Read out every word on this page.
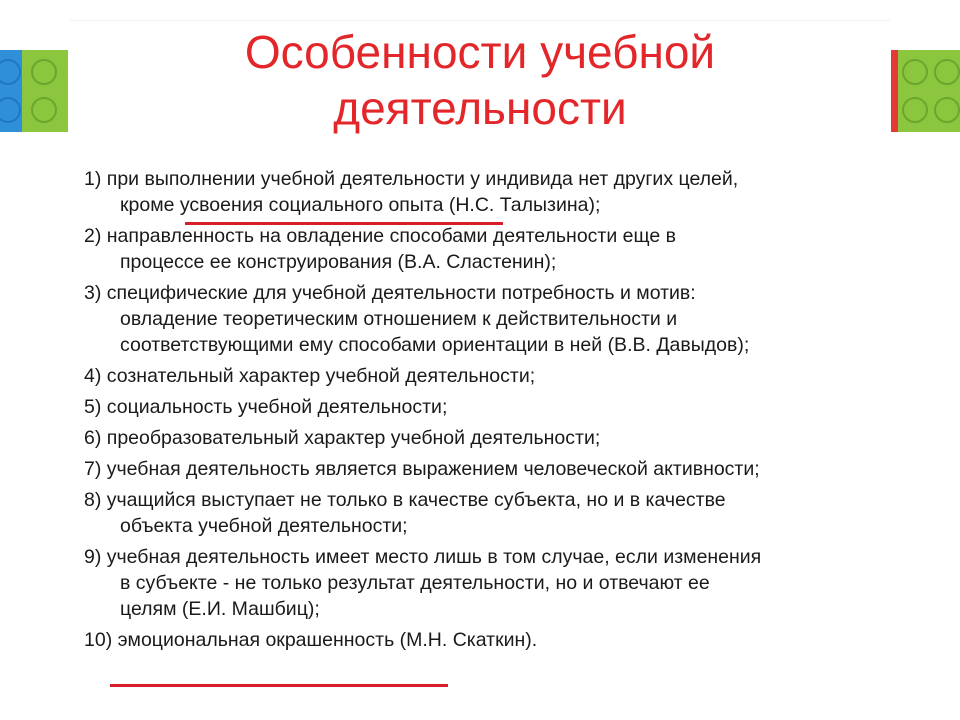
Особенности учебной
деятельности
1) при выполнении учебной деятельности у индивида нет других целей,
кроме усвоения социального опыта (Н.С. Талызина);
2) направленность на овладение способами деятельности еще в
процессе ее конструирования (В.А. Сластенин);
3) специфические для учебной деятельности потребность и мотив:
овладение теоретическим отношением к действительности и
соответствующими ему способами ориентации в ней (В.В. Давыдов);
4) сознательный характер учебной деятельности;
5) социальность учебной деятельности;
6) преобразовательный характер учебной деятельности;
7) учебная деятельность является выражением человеческой активности;
8) учащийся выступает не только в качестве субъекта, но и в качестве
объекта учебной деятельности;
9) учебная деятельность имеет место лишь в том случае, если изменения
в субъекте - не только результат деятельности, но и отвечают ее
целям (Е.И. Машбиц);
10) эмоциональная окрашенность (М.Н. Скаткин).
